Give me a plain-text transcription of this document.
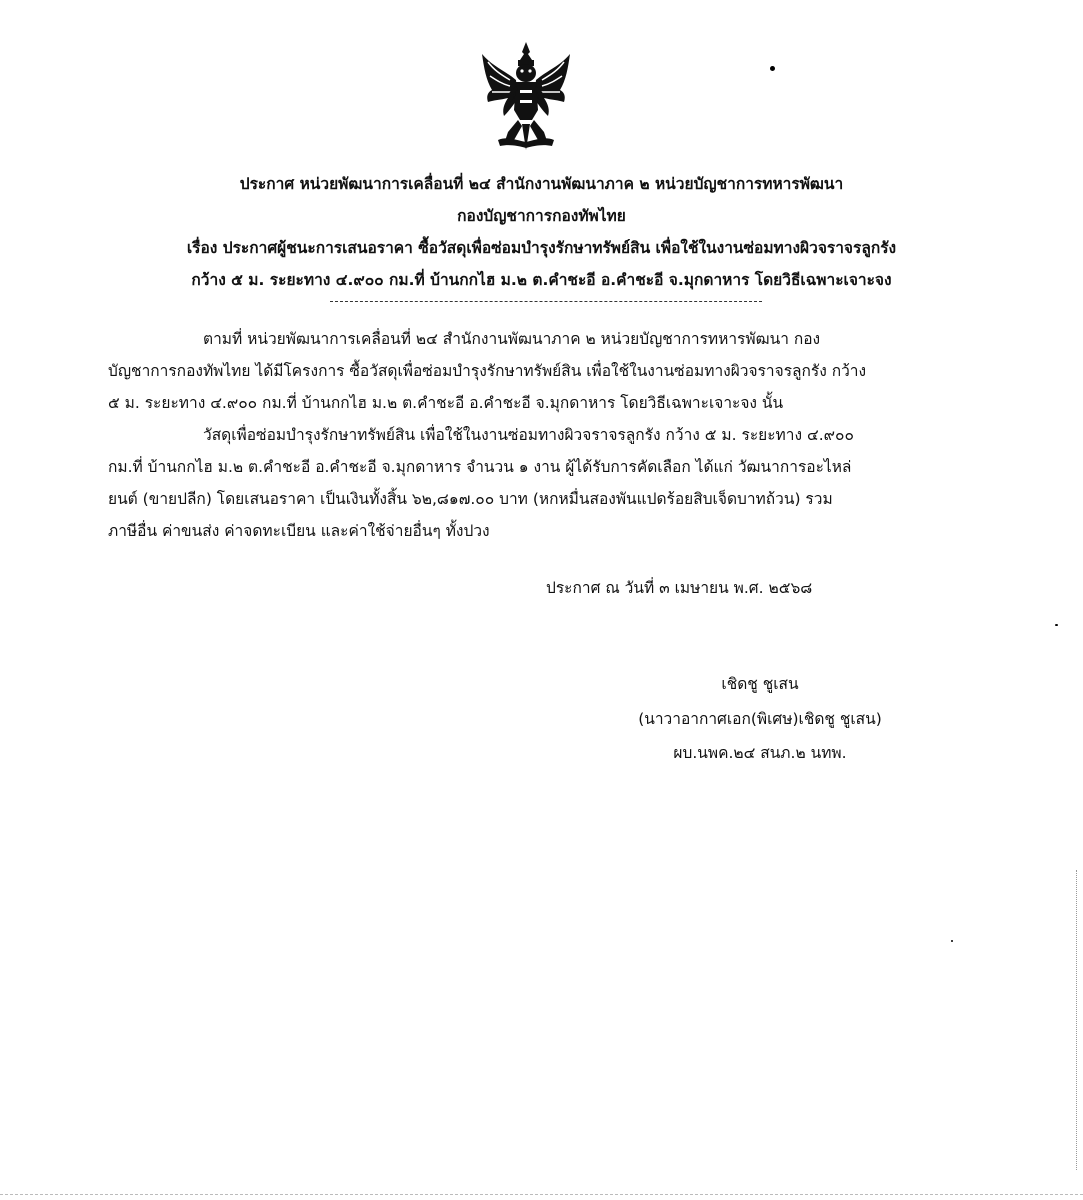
ประกาศ หน่วยพัฒนาการเคลื่อนที่ ๒๔ สำนักงานพัฒนาภาค ๒ หน่วยบัญชาการทหารพัฒนา
กองบัญชาการกองทัพไทย
เรื่อง ประกาศผู้ชนะการเสนอราคา ซื้อวัสดุเพื่อซ่อมบำรุงรักษาทรัพย์สิน เพื่อใช้ในงานซ่อมทางผิวจราจรลูกรัง
กว้าง ๕ ม. ระยะทาง ๔.๙๐๐ กม.ที่ บ้านกกไฮ ม.๒ ต.คำชะอี อ.คำชะอี จ.มุกดาหาร โดยวิธีเฉพาะเจาะจง
ตามที่ หน่วยพัฒนาการเคลื่อนที่ ๒๔ สำนักงานพัฒนาภาค ๒ หน่วยบัญชาการทหารพัฒนา กอง
บัญชาการกองทัพไทย ได้มีโครงการ ซื้อวัสดุเพื่อซ่อมบำรุงรักษาทรัพย์สิน เพื่อใช้ในงานซ่อมทางผิวจราจรลูกรัง กว้าง
๕ ม. ระยะทาง ๔.๙๐๐ กม.ที่ บ้านกกไฮ ม.๒ ต.คำชะอี อ.คำชะอี จ.มุกดาหาร โดยวิธีเฉพาะเจาะจง นั้น
วัสดุเพื่อซ่อมบำรุงรักษาทรัพย์สิน เพื่อใช้ในงานซ่อมทางผิวจราจรลูกรัง กว้าง ๕ ม. ระยะทาง ๔.๙๐๐
กม.ที่ บ้านกกไฮ ม.๒ ต.คำชะอี อ.คำชะอี จ.มุกดาหาร จำนวน ๑ งาน ผู้ได้รับการคัดเลือก ได้แก่ วัฒนาการอะไหล่
ยนต์ (ขายปลีก) โดยเสนอราคา เป็นเงินทั้งสิ้น ๖๒,๘๑๗.๐๐ บาท (หกหมื่นสองพันแปดร้อยสิบเจ็ดบาทถ้วน) รวม
ภาษีอื่น ค่าขนส่ง ค่าจดทะเบียน และค่าใช้จ่ายอื่นๆ ทั้งปวง
ประกาศ ณ วันที่ ๓ เมษายน พ.ศ. ๒๕๖๘
เชิดชู ชูเสน
(นาวาอากาศเอก(พิเศษ)เชิดชู ชูเสน)
ผบ.นพค.๒๔ สนภ.๒ นทพ.
